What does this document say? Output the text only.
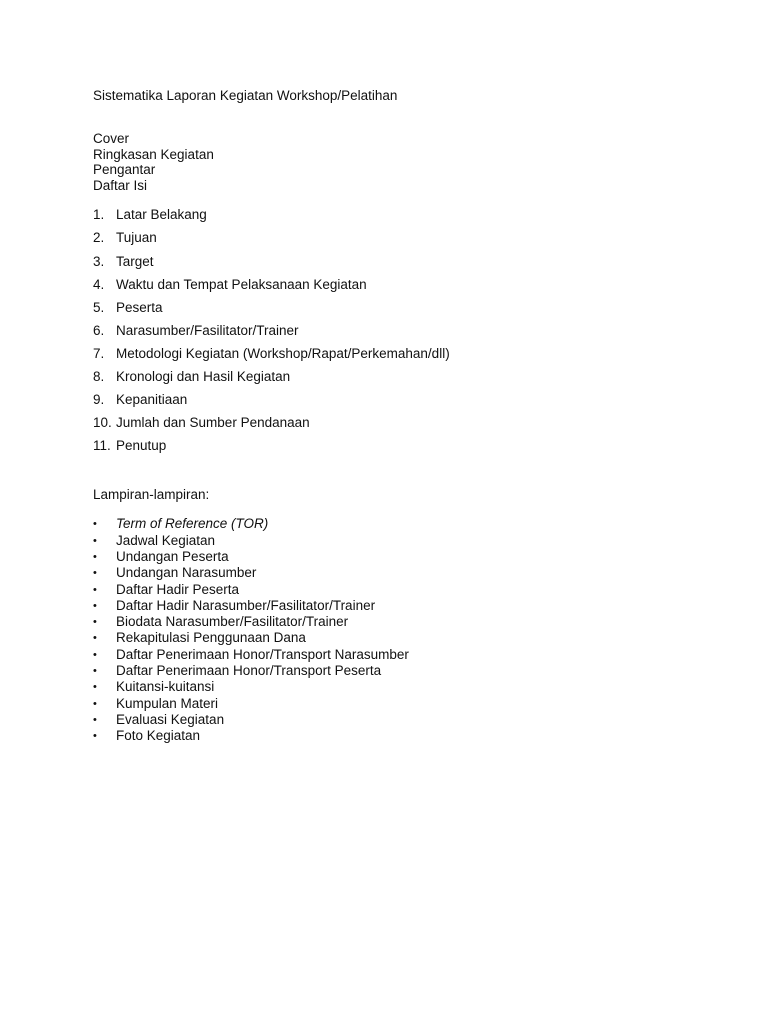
Sistematika Laporan Kegiatan Workshop/Pelatihan
Cover
Ringkasan Kegiatan
Pengantar
Daftar Isi
1. Latar Belakang
2. Tujuan
3. Target
4. Waktu dan Tempat Pelaksanaan Kegiatan
5. Peserta
6. Narasumber/Fasilitator/Trainer
7. Metodologi Kegiatan (Workshop/Rapat/Perkemahan/dll)
8. Kronologi dan Hasil Kegiatan
9. Kepanitiaan
10. Jumlah dan Sumber Pendanaan
11. Penutup
Lampiran-lampiran:
• Term of Reference (TOR)
• Jadwal Kegiatan
• Undangan Peserta
• Undangan Narasumber
• Daftar Hadir Peserta
• Daftar Hadir Narasumber/Fasilitator/Trainer
• Biodata Narasumber/Fasilitator/Trainer
• Rekapitulasi Penggunaan Dana
• Daftar Penerimaan Honor/Transport Narasumber
• Daftar Penerimaan Honor/Transport Peserta
• Kuitansi-kuitansi
• Kumpulan Materi
• Evaluasi Kegiatan
• Foto Kegiatan
